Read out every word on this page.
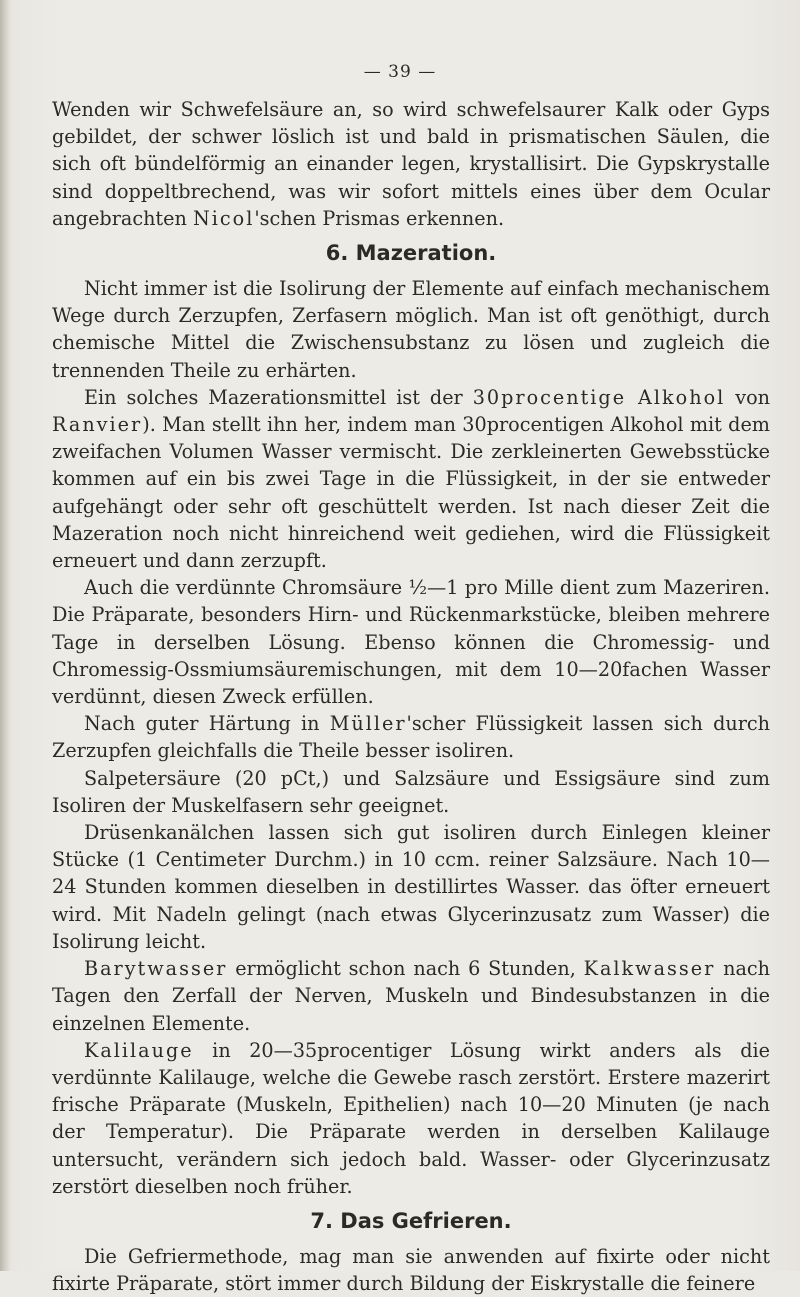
— 39 —

Wenden wir Schwefelsäure an, so wird schwefelsaurer Kalk oder Gyps gebildet, der schwer löslich ist und bald in prismatischen Säulen, die sich oft bündelförmig an einander legen, krystallisirt. Die Gypskrystalle sind doppeltbrechend, was wir sofort mittels eines über dem Ocular angebrachten Nicol'schen Prismas erkennen.

6. Mazeration.

Nicht immer ist die Isolirung der Elemente auf einfach mechanischem Wege durch Zerzupfen, Zerfasern möglich. Man ist oft genöthigt, durch chemische Mittel die Zwischensubstanz zu lösen und zugleich die trennenden Theile zu erhärten.

Ein solches Mazerationsmittel ist der 30procentige Alkohol von Ranvier). Man stellt ihn her, indem man 30procentigen Alkohol mit dem zweifachen Volumen Wasser vermischt. Die zerkleinerten Gewebsstücke kommen auf ein bis zwei Tage in die Flüssigkeit, in der sie entweder aufgehängt oder sehr oft geschüttelt werden. Ist nach dieser Zeit die Mazeration noch nicht hinreichend weit gediehen, wird die Flüssigkeit erneuert und dann zerzupft.

Auch die verdünnte Chromsäure ½—1 pro Mille dient zum Mazeriren. Die Präparate, besonders Hirn- und Rückenmarkstücke, bleiben mehrere Tage in derselben Lösung. Ebenso können die Chromessig- und Chromessig-Ossmiumsäuremischungen, mit dem 10—20fachen Wasser verdünnt, diesen Zweck erfüllen.

Nach guter Härtung in Müller'scher Flüssigkeit lassen sich durch Zerzupfen gleichfalls die Theile besser isoliren.

Salpetersäure (20 pCt,) und Salzsäure und Essigsäure sind zum Isoliren der Muskelfasern sehr geeignet.

Drüsenkanälchen lassen sich gut isoliren durch Einlegen kleiner Stücke (1 Centimeter Durchm.) in 10 ccm. reiner Salzsäure. Nach 10—24 Stunden kommen dieselben in destillirtes Wasser. das öfter erneuert wird. Mit Nadeln gelingt (nach etwas Glycerinzusatz zum Wasser) die Isolirung leicht.

Barytwasser ermöglicht schon nach 6 Stunden, Kalkwasser nach Tagen den Zerfall der Nerven, Muskeln und Bindesubstanzen in die einzelnen Elemente.

Kalilauge in 20—35procentiger Lösung wirkt anders als die verdünnte Kalilauge, welche die Gewebe rasch zerstört. Erstere mazerirt frische Präparate (Muskeln, Epithelien) nach 10—20 Minuten (je nach der Temperatur). Die Präparate werden in derselben Kalilauge untersucht, verändern sich jedoch bald. Wasser- oder Glycerinzusatz zerstört dieselben noch früher.

7. Das Gefrieren.

Die Gefriermethode, mag man sie anwenden auf fixirte oder nicht fixirte Präparate, stört immer durch Bildung der Eiskrystalle die feinere
